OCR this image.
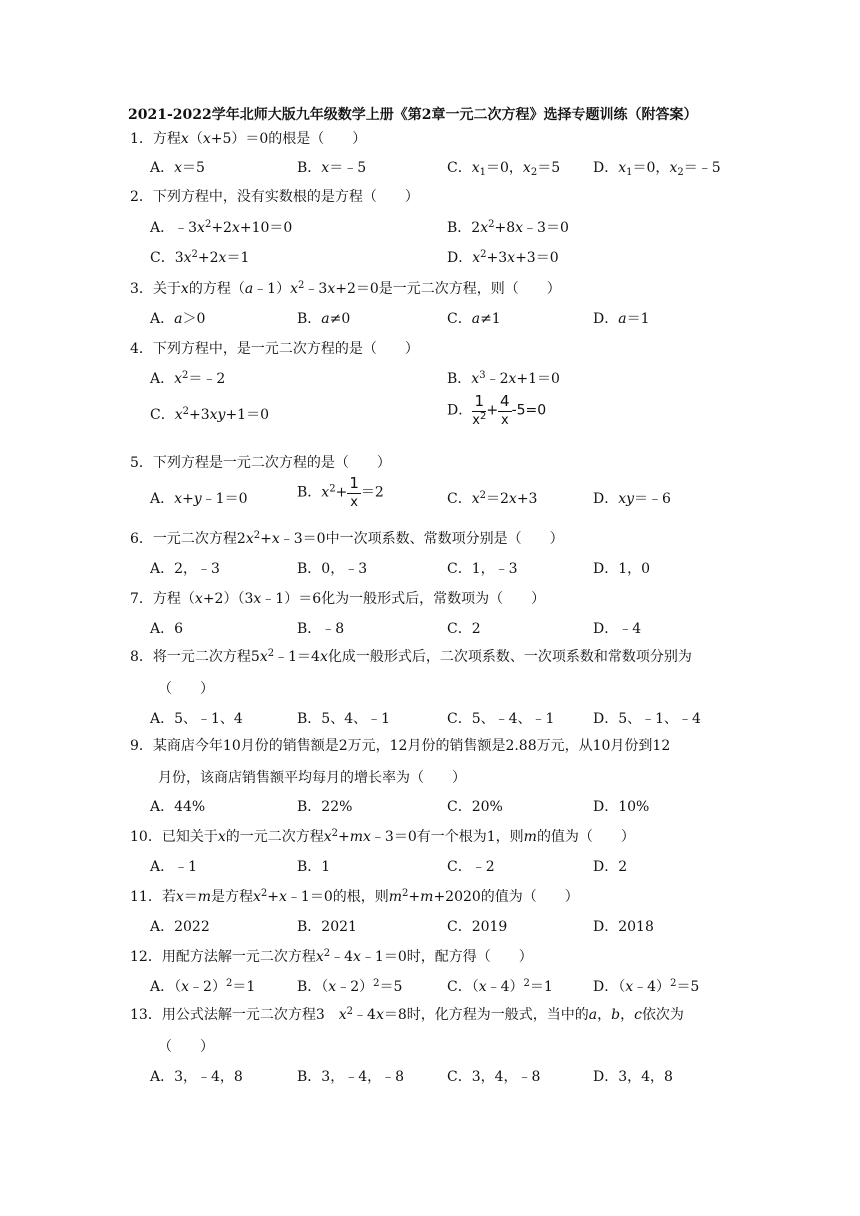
2021-2022学年北师大版九年级数学上册《第2章一元二次方程》选择专题训练（附答案）
1．方程x（x+5）＝0的根是（　　）
A．x＝5	B．x＝﹣5	C．$x_1=0$，$x_2=5$ D．$x_1=0$，$x_2=﹣5$
2．下列方程中，没有实数根的是方程（　　）
A．$﹣3x^2+2x+10=0$	B．$2x^2+8x﹣3=0$
C．$3x^2+2x=1$	D．$x^2+3x+3=0$
3．关于x的方程$(a﹣1)x^2﹣3x+2=0$是一元二次方程，则（　　）
A．a＞0	B．a≠0	C．a≠1	D．a＝1
4．下列方程中，是一元二次方程的是（　　）
A．$x^2=﹣2$	B．$x^3﹣2x+1=0$
C．$x^2+3xy+1=0$	D． $\frac{1}{x^2} + \frac{4}{x} -5=0$
5．下列方程是一元二次方程的是（　　）
A．x+y﹣1＝0	B．$x^2+ \frac{1}{x} =2$	C．$x^2=2x+3$	D．xy＝﹣6
6．一元二次方程$2x^2+x﹣3=0$中一次项系数、常数项分别是（　　）
A．2，﹣3	B．0，﹣3	C．1，﹣3	D．1，0
7．方程（x+2）（3x﹣1）＝6化为一般形式后，常数项为（　　）
A．6	B．﹣8	C．2	D．﹣4
8．将一元二次方程$5x^2﹣1=4x$化成一般形式后，二次项系数、一次项系数和常数项分别为
（　　）
A．5、﹣1、4	B．5、4、﹣1	C．5、﹣4、﹣1	D．5、﹣1、﹣4
9．某商店今年10月份的销售额是2万元，12月份的销售额是2.88万元，从10月份到12
月份，该商店销售额平均每月的增长率为（　　）
A．44%	B．22%	C．20%	D．10%
10．已知关于x的一元二次方程$x^2+mx﹣3=0$有一个根为1，则m的值为（　　）
A．﹣1	B．1	C．﹣2	D．2
11．若x＝m是方程$x^2+x﹣1=0$的根，则$m^2+m+2020$的值为（　　）
A．2022	B．2021	C．2019	D．2018
12．用配方法解一元二次方程$x^2﹣4x﹣1=0$时，配方得（　　）
A．（x﹣2）$^2$＝1	B．（x﹣2）$^2$＝5	C．（x﹣4）$^2$＝1	D．（x﹣4）$^2$＝5
13．用公式法解一元二次方程3　$x^2﹣4x=8$时，化方程为一般式，当中的a，b，c依次为
（　　）
A．3，﹣4，8	B．3，﹣4，﹣8	C．3，4，﹣8	D．3，4，8
